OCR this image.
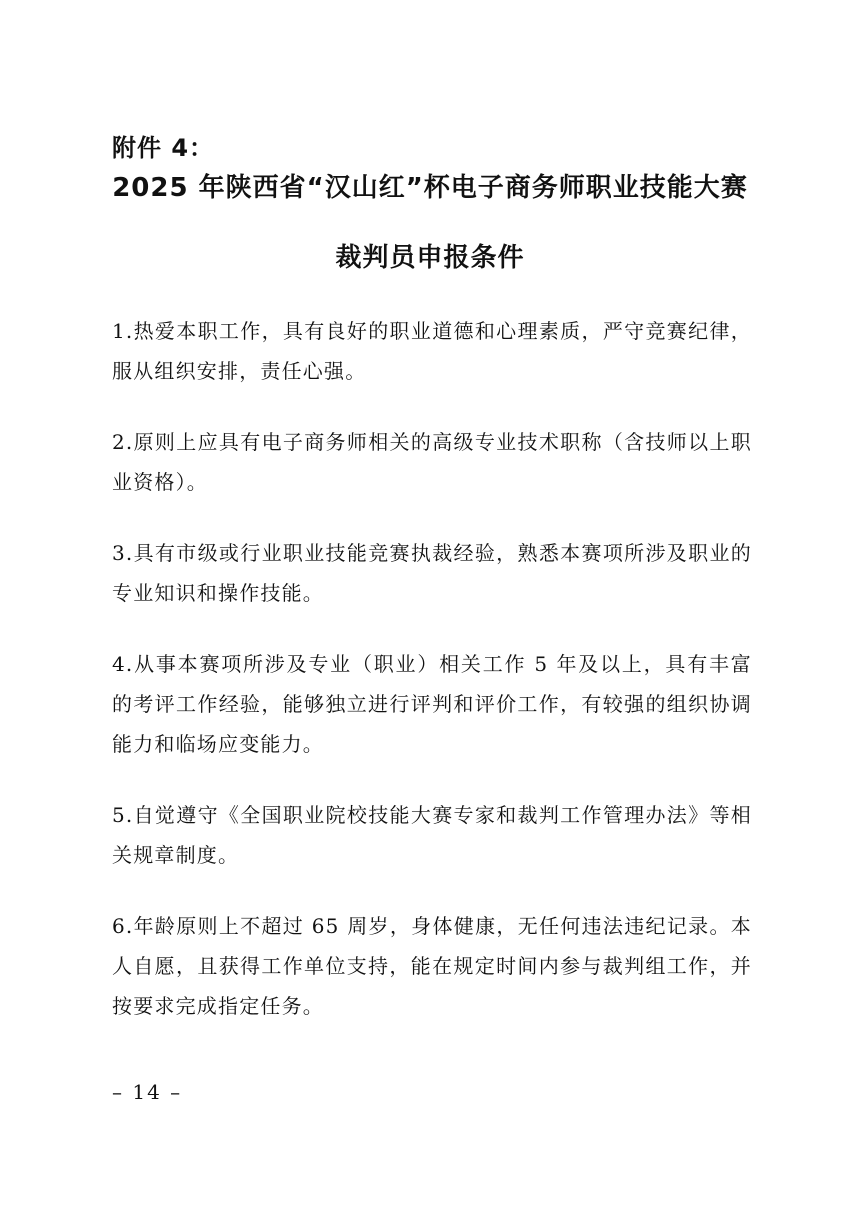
附件 4：

2025 年陕西省“汉山红”杯电子商务师职业技能大赛
裁判员申报条件

1.热爱本职工作，具有良好的职业道德和心理素质，严守竞赛纪律，服从组织安排，责任心强。

2.原则上应具有电子商务师相关的高级专业技术职称（含技师以上职业资格）。

3.具有市级或行业职业技能竞赛执裁经验，熟悉本赛项所涉及职业的专业知识和操作技能。

4.从事本赛项所涉及专业（职业）相关工作 5 年及以上，具有丰富的考评工作经验，能够独立进行评判和评价工作，有较强的组织协调能力和临场应变能力。

5.自觉遵守《全国职业院校技能大赛专家和裁判工作管理办法》等相关规章制度。

6.年龄原则上不超过 65 周岁，身体健康，无任何违法违纪记录。本人自愿，且获得工作单位支持，能在规定时间内参与裁判组工作，并按要求完成指定任务。

– 14 –
